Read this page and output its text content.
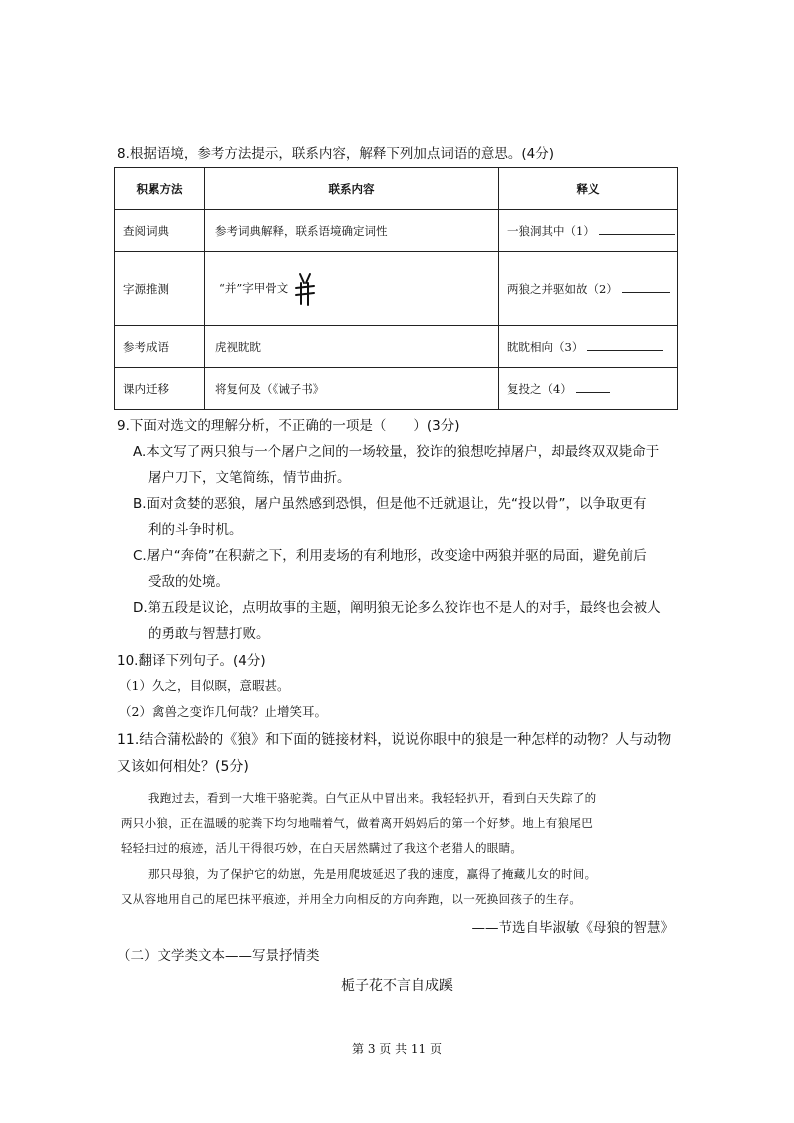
8.根据语境，参考方法提示，联系内容，解释下列加点词语的意思。(4分)
积累方法	联系内容	释义
查阅词典	参考词典解释，联系语境确定词性	一狼洞其中（1）
字源推测	“并”字甲骨文	两狼之并驱如故（2）
参考成语	虎视眈眈	眈眈相向（3）
课内迁移	将复何及（《诫子书》	复投之（4）
9.下面对选文的理解分析，不正确的一项是（　　）(3分)
A.本文写了两只狼与一个屠户之间的一场较量，狡诈的狼想吃掉屠户，却最终双双毙命于
屠户刀下，文笔简练，情节曲折。
B.面对贪婪的恶狼，屠户虽然感到恐惧，但是他不迁就退让，先“投以骨”，以争取更有
利的斗争时机。
C.屠户“奔倚”在积薪之下，利用麦场的有利地形，改变途中两狼并驱的局面，避免前后
受敌的处境。
D.第五段是议论，点明故事的主题，阐明狼无论多么狡诈也不是人的对手，最终也会被人
的勇敢与智慧打败。
10.翻译下列句子。(4分)
（1）久之，目似瞑，意暇甚。
（2）禽兽之变诈几何哉？止增笑耳。
11.结合蒲松龄的《狼》和下面的链接材料，说说你眼中的狼是一种怎样的动物？人与动物
又该如何相处？(5分)
我跑过去，看到一大堆干骆驼粪。白气正从中冒出来。我轻轻扒开，看到白天失踪了的
两只小狼，正在温暖的驼粪下均匀地喘着气，做着离开妈妈后的第一个好梦。地上有狼尾巴
轻轻扫过的痕迹，活儿干得很巧妙，在白天居然瞒过了我这个老猎人的眼睛。
那只母狼，为了保护它的幼崽，先是用爬坡延迟了我的速度，赢得了掩藏儿女的时间。
又从容地用自己的尾巴抹平痕迹，并用全力向相反的方向奔跑，以一死换回孩子的生存。
——节选自毕淑敏《母狼的智慧》
（二）文学类文本——写景抒情类
栀子花不言自成蹊
第 3 页 共 11 页
